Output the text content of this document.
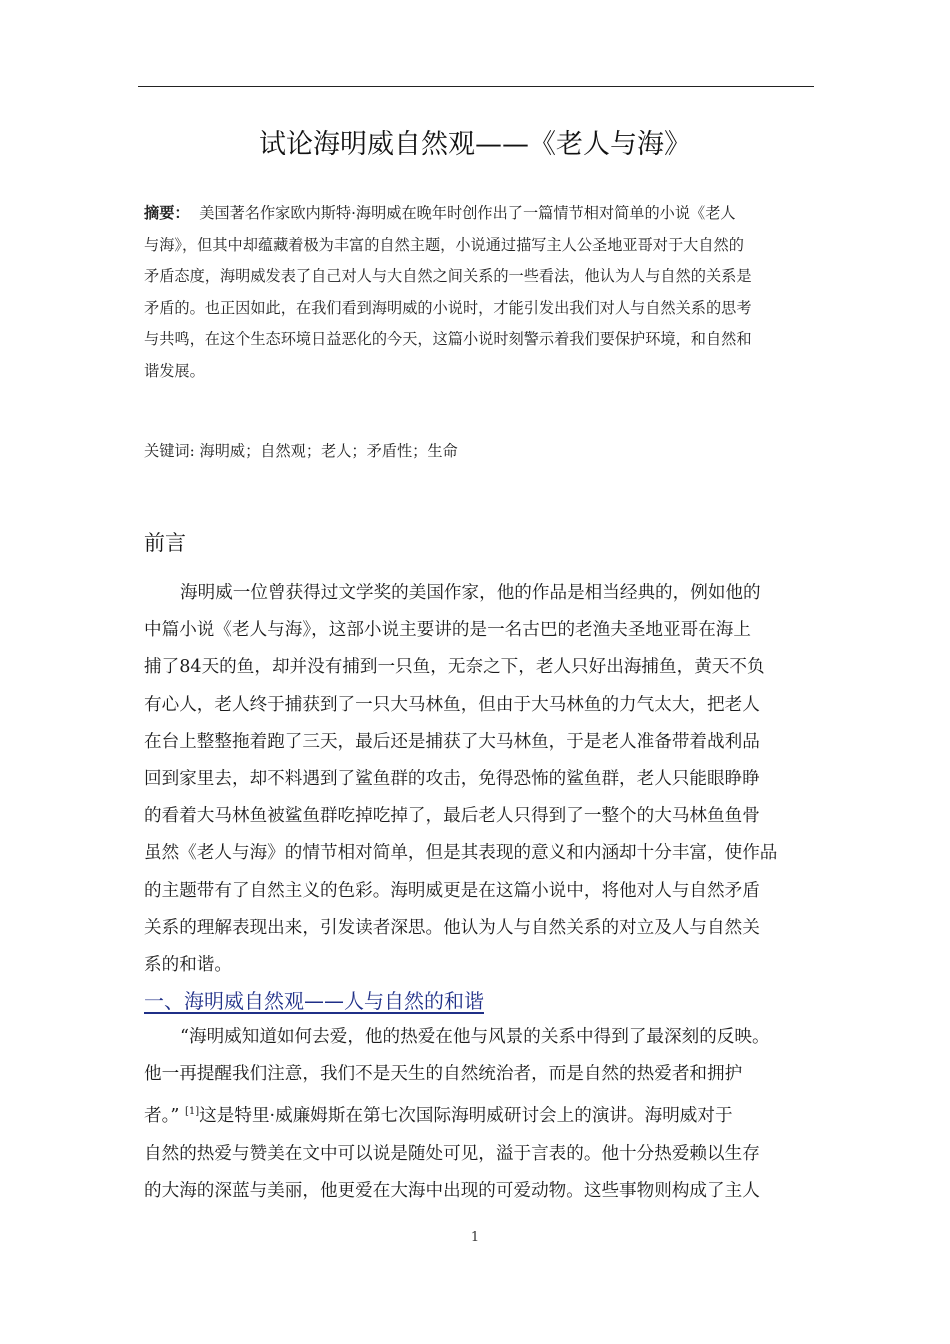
试论海明威自然观——《老人与海》
摘要： 美国著名作家欧内斯特·海明威在晚年时创作出了一篇情节相对简单的小说《老人
与海》，但其中却蕴藏着极为丰富的自然主题，小说通过描写主人公圣地亚哥对于大自然的
矛盾态度，海明威发表了自己对人与大自然之间关系的一些看法，他认为人与自然的关系是
矛盾的。也正因如此，在我们看到海明威的小说时，才能引发出我们对人与自然关系的思考
与共鸣，在这个生态环境日益恶化的今天，这篇小说时刻警示着我们要保护环境，和自然和
谐发展。
关键词: 海明威；自然观；老人；矛盾性；生命
前言
海明威一位曾获得过文学奖的美国作家，他的作品是相当经典的，例如他的
中篇小说《老人与海》，这部小说主要讲的是一名古巴的老渔夫圣地亚哥在海上
捕了84天的鱼，却并没有捕到一只鱼，无奈之下，老人只好出海捕鱼，黄天不负
有心人，老人终于捕获到了一只大马林鱼，但由于大马林鱼的力气太大，把老人
在台上整整拖着跑了三天，最后还是捕获了大马林鱼，于是老人准备带着战利品
回到家里去，却不料遇到了鲨鱼群的攻击，免得恐怖的鲨鱼群，老人只能眼睁睁
的看着大马林鱼被鲨鱼群吃掉吃掉了，最后老人只得到了一整个的大马林鱼鱼骨
虽然《老人与海》的情节相对简单，但是其表现的意义和内涵却十分丰富，使作品
的主题带有了自然主义的色彩。海明威更是在这篇小说中，将他对人与自然矛盾
关系的理解表现出来，引发读者深思。他认为人与自然关系的对立及人与自然关
系的和谐。
一、海明威自然观——人与自然的和谐
“海明威知道如何去爱，他的热爱在他与风景的关系中得到了最深刻的反映。
他一再提醒我们注意，我们不是天生的自然统治者，而是自然的热爱者和拥护
者。” [1]这是特里·威廉姆斯在第七次国际海明威研讨会上的演讲。海明威对于
自然的热爱与赞美在文中可以说是随处可见，溢于言表的。他十分热爱赖以生存
的大海的深蓝与美丽，他更爱在大海中出现的可爱动物。这些事物则构成了主人
1
